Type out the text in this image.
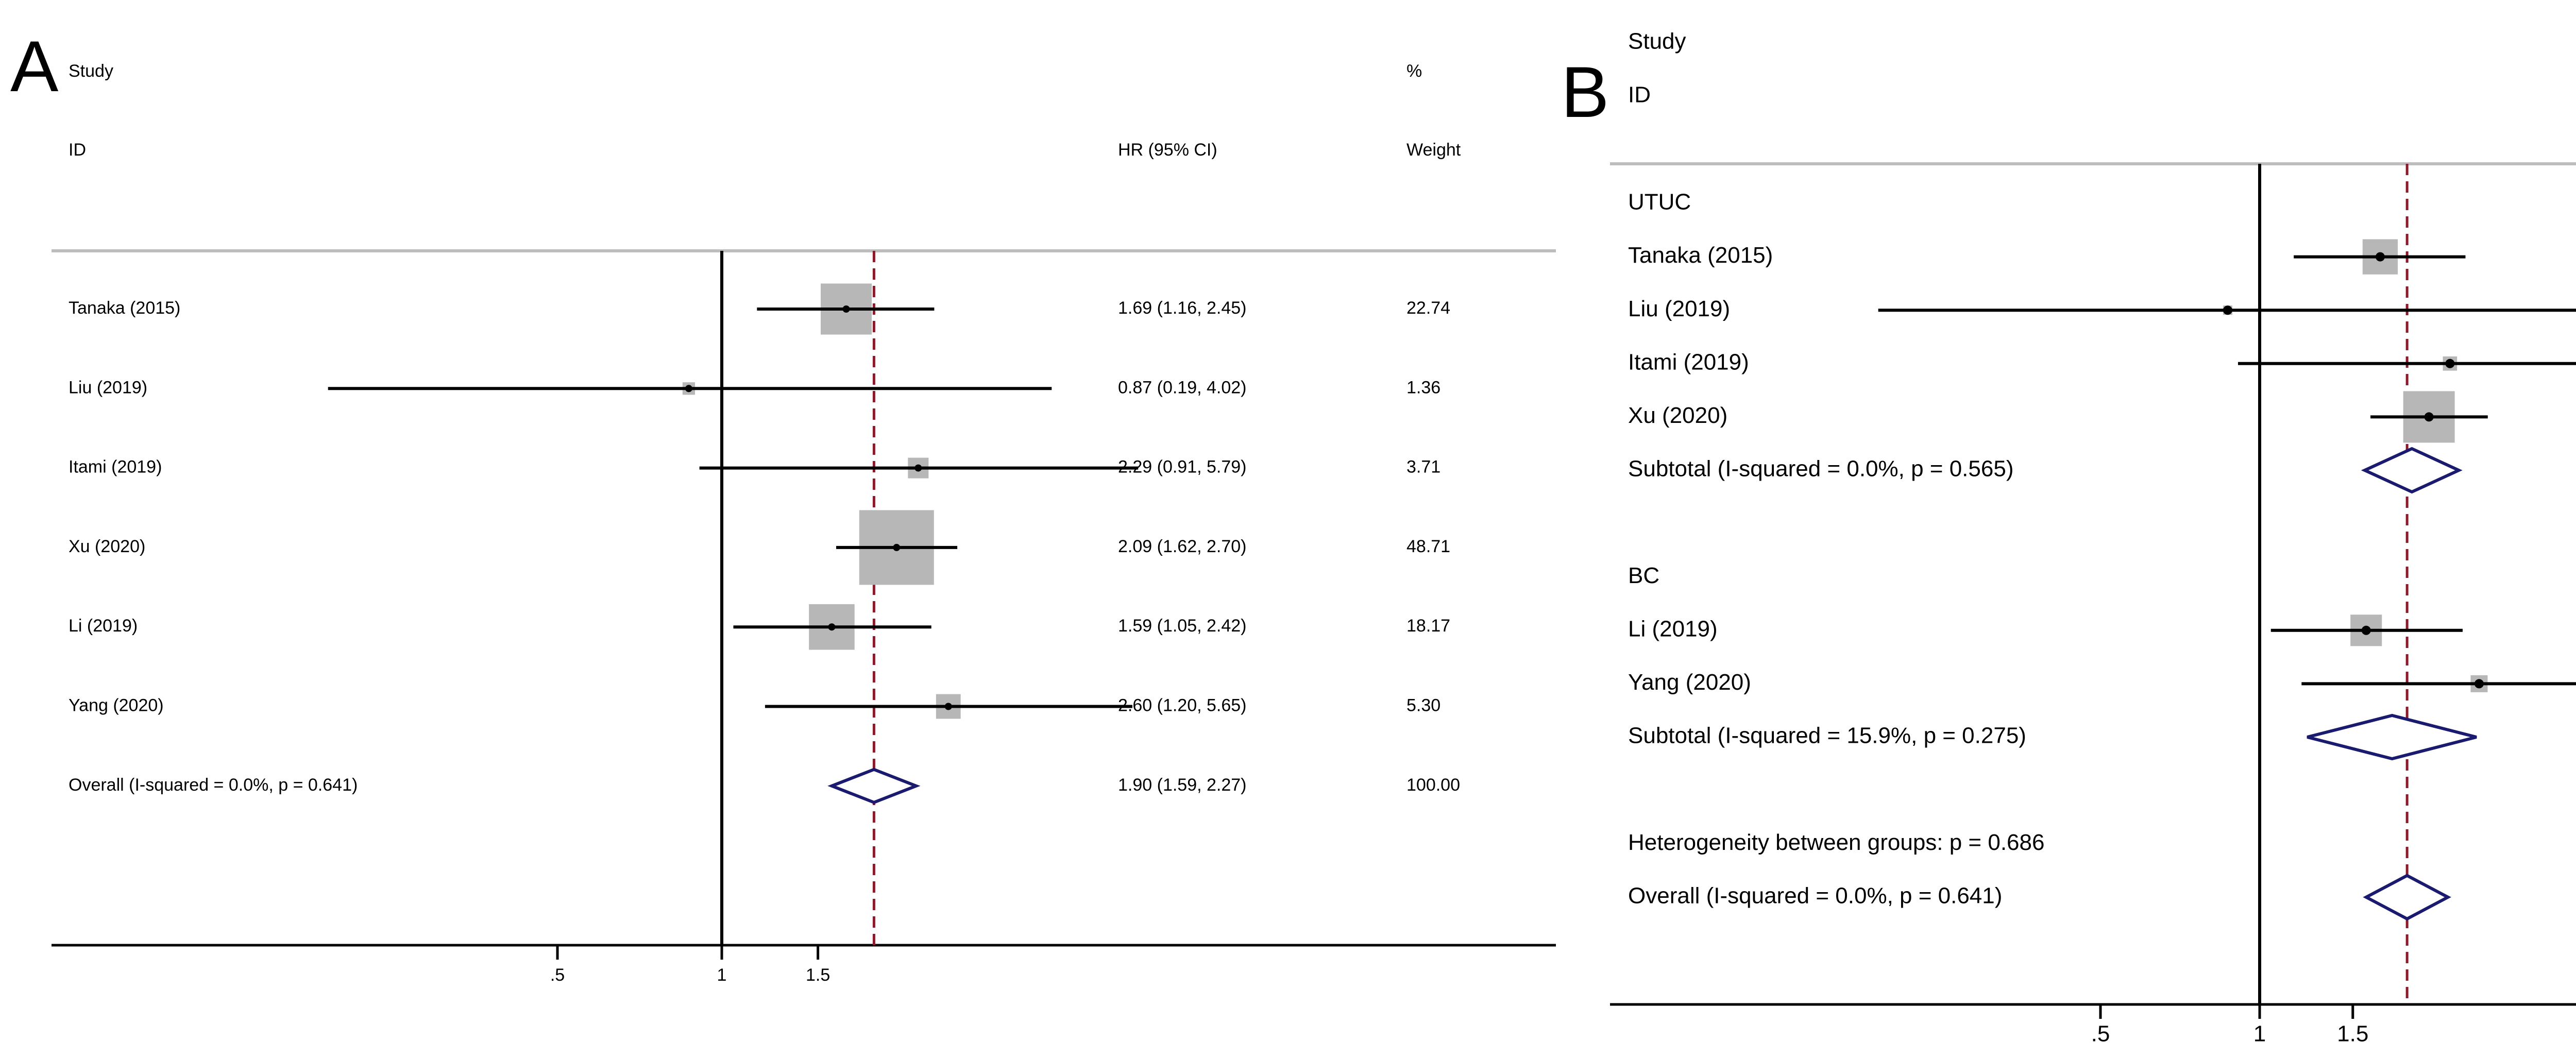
A Study
ID	HR (95% CI)
%
Weight
.5	1	1.5
Tanaka (2015)	1.69 (1.16, 2.45)	22.74
Liu (2019)	0.87 (0.19, 4.02)	1.36
Itami (2019)	2.29 (0.91, 5.79)	3.71
Xu (2020)	2.09 (1.62, 2.70)	48.71
Li (2019)	1.59 (1.05, 2.42)	18.17
Yang (2020)	2.60 (1.20, 5.65)	5.30
Overall (I-squared = 0.0%, p = 0.641)	1.90 (1.59, 2.27)	100.00
B
Study
ID
.5	1	1.5
UTUC
Tanaka (2015)
Liu (2019)
Itami (2019)
Xu (2020)
Subtotal (I-squared = 0.0%, p = 0.565)
BC
Li (2019)
Yang (2020)
Subtotal (I-squared = 15.9%, p = 0.275)
Heterogeneity between groups: p = 0.686
Overall (I-squared = 0.0%, p = 0.641)
